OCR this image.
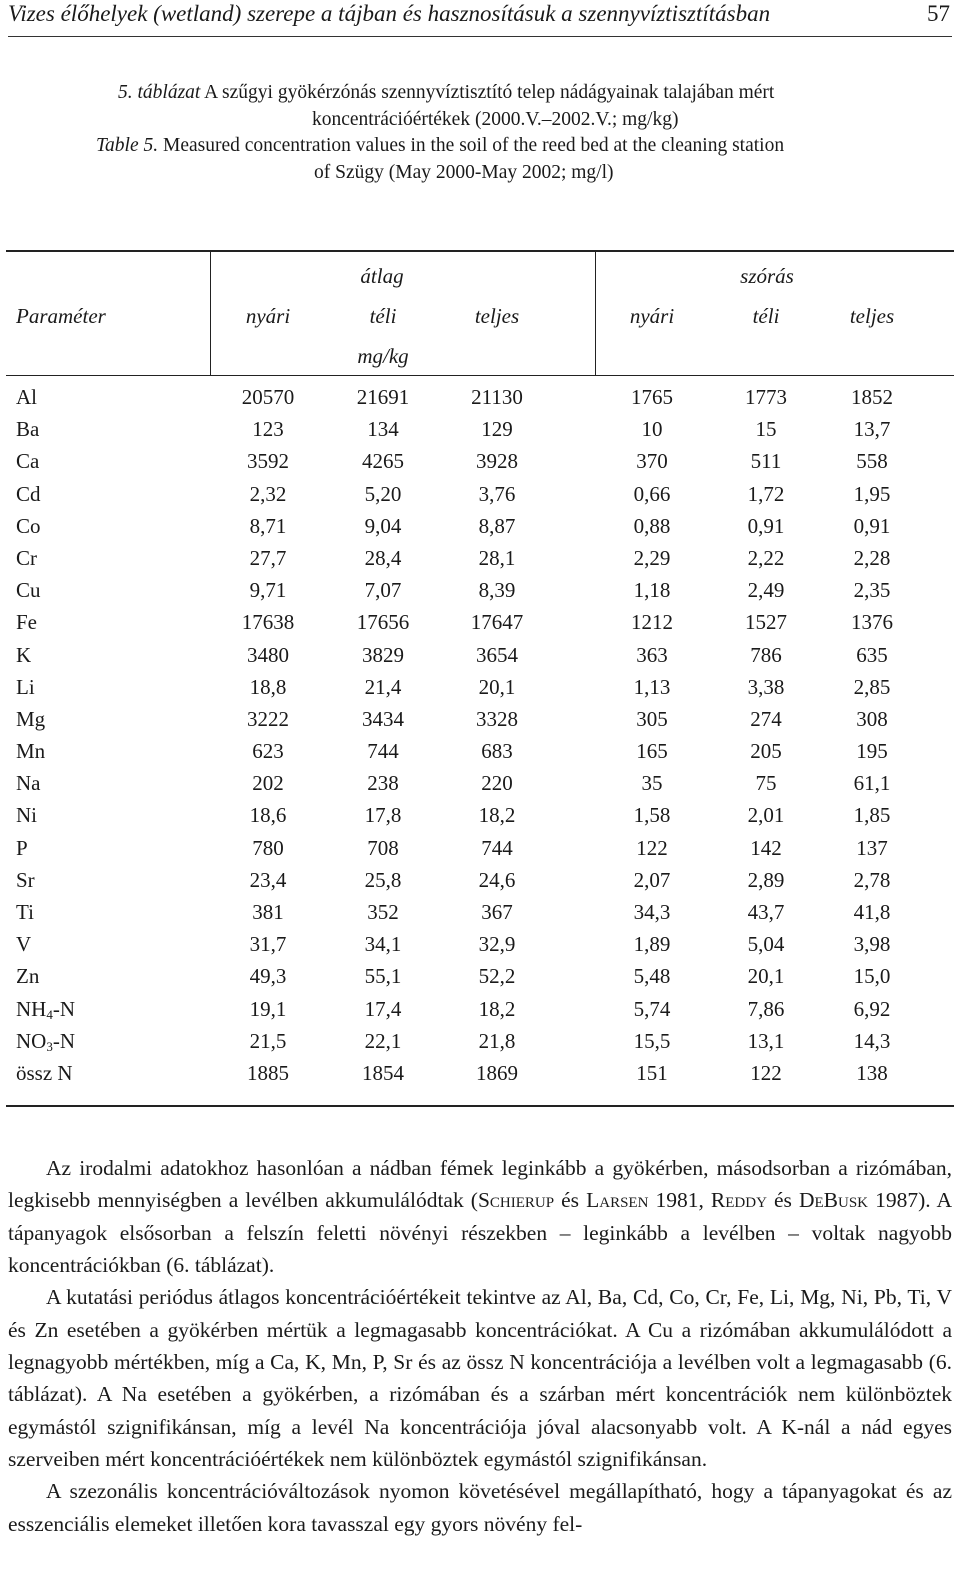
Vizes élőhelyek (wetland) szerepe a tájban és hasznosításuk a szennyvíztisztításban	57
5. táblázat A szűgyi gyökérzónás szennyvíztisztító telep nádágyainak talajában mért
koncentrációértékek (2000.V.–2002.V.; mg/kg)
Table 5. Measured concentration values in the soil of the reed bed at the cleaning station
of Szügy (May 2000-May 2002; mg/l)
átlag	szórás
Paraméter	nyári	téli	teljes	nyári	téli	teljes
mg/kg
Al	20570	21691	21130	1765	1773	1852
Ba	123	134	129	10	15	13,7
Ca	3592	4265	3928	370	511	558
Cd	2,32	5,20	3,76	0,66	1,72	1,95
Co	8,71	9,04	8,87	0,88	0,91	0,91
Cr	27,7	28,4	28,1	2,29	2,22	2,28
Cu	9,71	7,07	8,39	1,18	2,49	2,35
Fe	17638	17656	17647	1212	1527	1376
K	3480	3829	3654	363	786	635
Li	18,8	21,4	20,1	1,13	3,38	2,85
Mg	3222	3434	3328	305	274	308
Mn	623	744	683	165	205	195
Na	202	238	220	35	75	61,1
Ni	18,6	17,8	18,2	1,58	2,01	1,85
P	780	708	744	122	142	137
Sr	23,4	25,8	24,6	2,07	2,89	2,78
Ti	381	352	367	34,3	43,7	41,8
V	31,7	34,1	32,9	1,89	5,04	3,98
Zn	49,3	55,1	52,2	5,48	20,1	15,0
$NH_4-N$	19,1	17,4	18,2	5,74	7,86	6,92
$NO_3-N$	21,5	22,1	21,8	15,5	13,1	14,3
össz N	1885	1854	1869	151	122	138

Az irodalmi adatokhoz hasonlóan a nádban fémek leginkább a gyökérben, másodsorban a rizómában, legkisebb mennyiségben a levélben akkumulálódtak (Schierup és Larsen 1981, Reddy és DeBusk 1987). A tápanyagok elsősorban a felszín feletti növényi részekben – leginkább a levélben – voltak nagyobb koncentrációkban (6. táblázat).

A kutatási periódus átlagos koncentrációértékeit tekintve az Al, Ba, Cd, Co, Cr, Fe, Li, Mg, Ni, Pb, Ti, V és Zn esetében a gyökérben mértük a legmagasabb koncentrációkat. A Cu a rizómában akkumulálódott a legnagyobb mértékben, míg a Ca, K, Mn, P, Sr és az össz N koncentrációja a levélben volt a legmagasabb (6. táblázat). A Na esetében a gyökérben, a rizómában és a szárban mért koncentrációk nem különböztek egymástól szignifikánsan, míg a levél Na koncentrációja jóval alacsonyabb volt. A K-nál a nád egyes szerveiben mért koncentrációértékek nem különböztek egymástól szignifikánsan.

A szezonális koncentrációváltozások nyomon követésével megállapítható, hogy a tápanyagokat és az esszenciális elemeket illetően kora tavasszal egy gyors növény fel-
